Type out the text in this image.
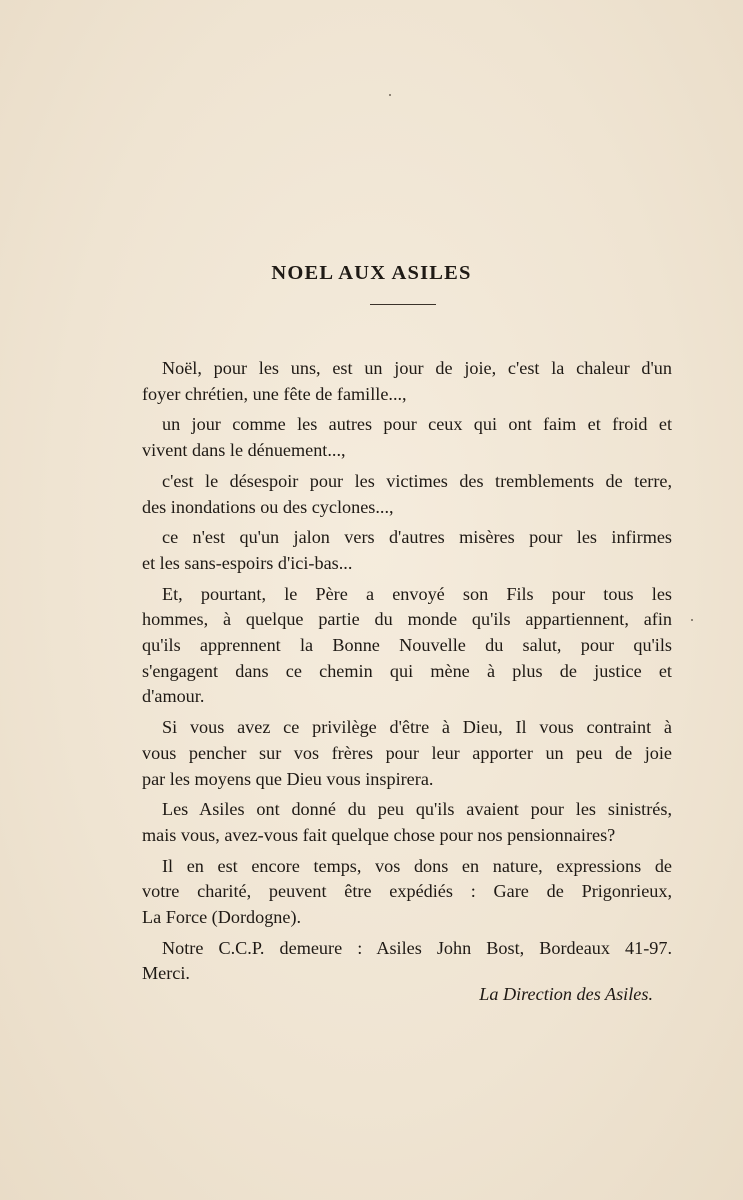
NOEL AUX ASILES
Noël, pour les uns, est un jour de joie, c'est la chaleur d'un
foyer chrétien, une fête de famille...,
un jour comme les autres pour ceux qui ont faim et froid et
vivent dans le dénuement...,
c'est le désespoir pour les victimes des tremblements de terre,
des inondations ou des cyclones...,
ce n'est qu'un jalon vers d'autres misères pour les infirmes
et les sans-espoirs d'ici-bas...
Et, pourtant, le Père a envoyé son Fils pour tous les
hommes, à quelque partie du monde qu'ils appartiennent, afin
qu'ils apprennent la Bonne Nouvelle du salut, pour qu'ils
s'engagent dans ce chemin qui mène à plus de justice et
d'amour.
Si vous avez ce privilège d'être à Dieu, Il vous contraint à
vous pencher sur vos frères pour leur apporter un peu de joie
par les moyens que Dieu vous inspirera.
Les Asiles ont donné du peu qu'ils avaient pour les sinistrés,
mais vous, avez-vous fait quelque chose pour nos pensionnaires?
Il en est encore temps, vos dons en nature, expressions de
votre charité, peuvent être expédiés : Gare de Prigonrieux,
La Force (Dordogne).
Notre C.C.P. demeure : Asiles John Bost, Bordeaux 41-97.
Merci.
La Direction des Asiles.
